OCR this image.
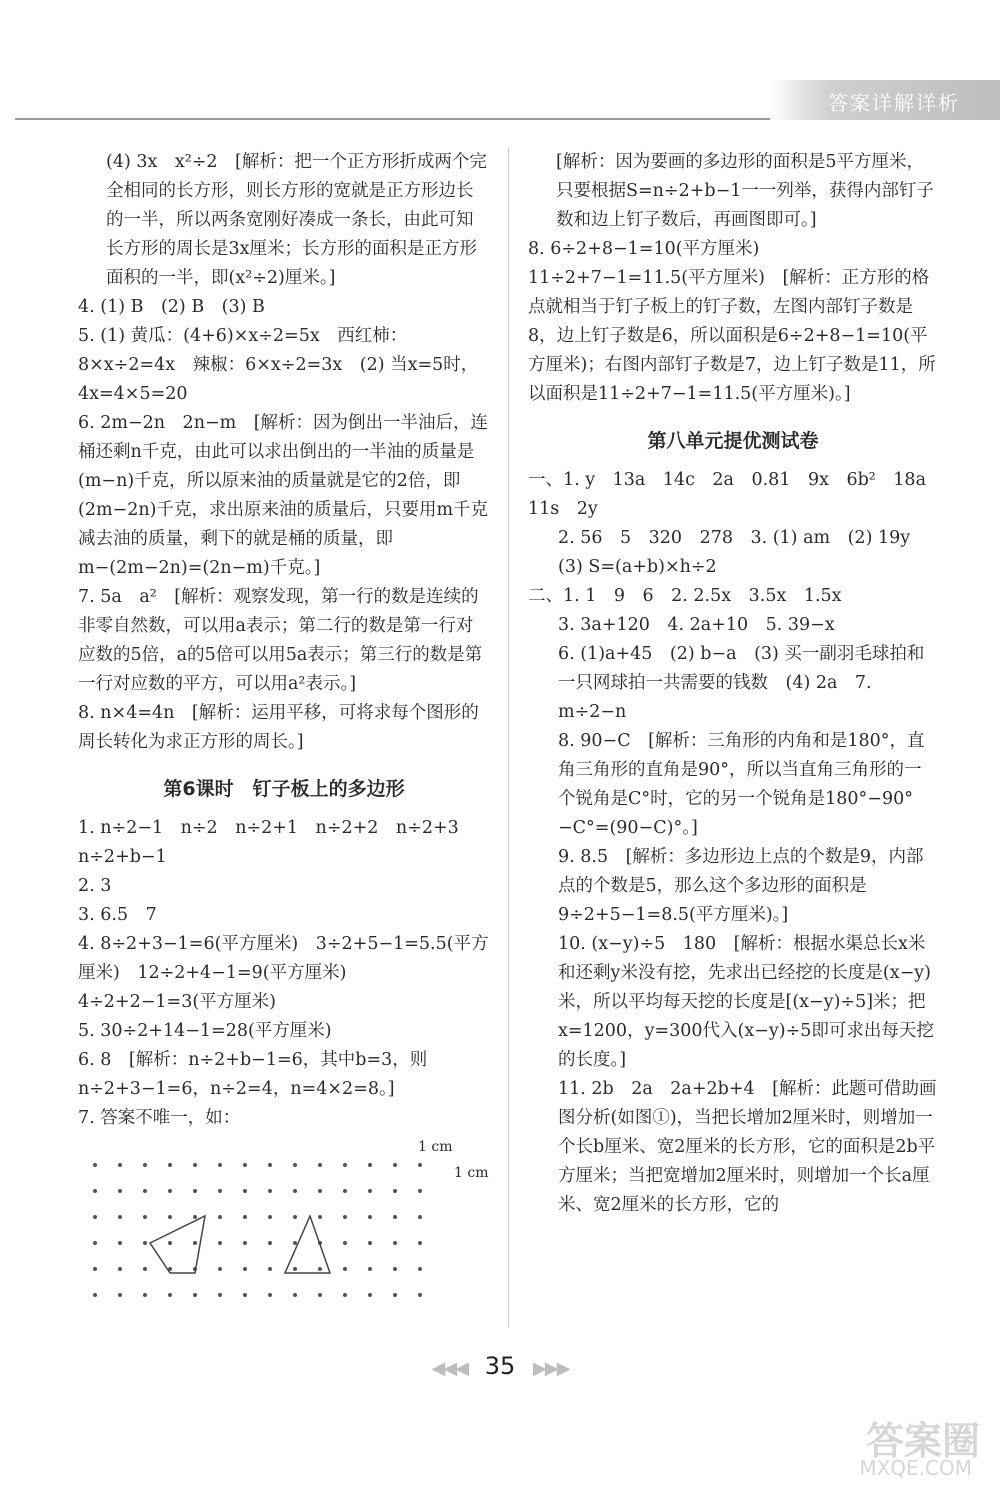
答案详解详析

(4) 3x　x²÷2　[解析：把一个正方形折成两个完全相同的长方形，则长方形的宽就是正方形边长的一半，所以两条宽刚好凑成一条长，由此可知长方形的周长是3x厘米；长方形的面积是正方形面积的一半，即(x²÷2)厘米。]

4. (1) B　(2) B　(3) B

5. (1) 黄瓜：(4+6)×x÷2=5x　西红柿：8×x÷2=4x　辣椒：6×x÷2=3x　(2) 当x=5时，4x=4×5=20

6. 2m−2n　2n−m　[解析：因为倒出一半油后，连桶还剩n千克，由此可以求出倒出的一半油的质量是(m−n)千克，所以原来油的质量就是它的2倍，即(2m−2n)千克，求出原来油的质量后，只要用m千克减去油的质量，剩下的就是桶的质量，即m−(2m−2n)=(2n−m)千克。]

7. 5a　a²　[解析：观察发现，第一行的数是连续的非零自然数，可以用a表示；第二行的数是第一行对应数的5倍，a的5倍可以用5a表示；第三行的数是第一行对应数的平方，可以用a²表示。]

8. n×4=4n　[解析：运用平移，可将求每个图形的周长转化为求正方形的周长。]

第6课时　钉子板上的多边形

1. n÷2−1　n÷2　n÷2+1　n÷2+2　n÷2+3　n÷2+b−1

2. 3

3. 6.5　7

4. 8÷2+3−1=6(平方厘米)　3÷2+5−1=5.5(平方厘米)　12÷2+4−1=9(平方厘米)　4÷2+2−1=3(平方厘米)

5. 30÷2+14−1=28(平方厘米)

6. 8　[解析：n÷2+b−1=6，其中b=3，则n÷2+3−1=6，n÷2=4，n=4×2=8。]

7. 答案不唯一，如：

1 cm
1 cm

[解析：因为要画的多边形的面积是5平方厘米，只要根据S=n÷2+b−1一一列举，获得内部钉子数和边上钉子数后，再画图即可。]

8. 6÷2+8−1=10(平方厘米)　11÷2+7−1=11.5(平方厘米)　[解析：正方形的格点就相当于钉子板上的钉子数，左图内部钉子数是8，边上钉子数是6，所以面积是6÷2+8−1=10(平方厘米)；右图内部钉子数是7，边上钉子数是11，所以面积是11÷2+7−1=11.5(平方厘米)。]

第八单元提优测试卷

一、1. y　13a　14c　2a　0.81　9x　6b²　18a　11s　2y

2. 56　5　320　278　3. (1) am　(2) 19y　(3) S=(a+b)×h÷2

二、1. 1　9　6　2. 2.5x　3.5x　1.5x

3. 3a+120　4. 2a+10　5. 39−x

6. (1)a+45　(2) b−a　(3) 买一副羽毛球拍和一只网球拍一共需要的钱数　(4) 2a　7. m÷2−n

8. 90−C　[解析：三角形的内角和是180°，直角三角形的直角是90°，所以当直角三角形的一个锐角是C°时，它的另一个锐角是180°−90°−C°=(90−C)°。]

9. 8.5　[解析：多边形边上点的个数是9，内部点的个数是5，那么这个多边形的面积是9÷2+5−1=8.5(平方厘米)。]

10. (x−y)÷5　180　[解析：根据水渠总长x米和还剩y米没有挖，先求出已经挖的长度是(x−y)米，所以平均每天挖的长度是[(x−y)÷5]米；把x=1200，y=300代入(x−y)÷5即可求出每天挖的长度。]

11. 2b　2a　2a+2b+4　[解析：此题可借助画图分析(如图①)，当把长增加2厘米时，则增加一个长b厘米、宽2厘米的长方形，它的面积是2b平方厘米；当把宽增加2厘米时，则增加一个长a厘米、宽2厘米的长方形，它的

◀◀◀ 35 ▶▶▶
答案圈
MXQE.COM
